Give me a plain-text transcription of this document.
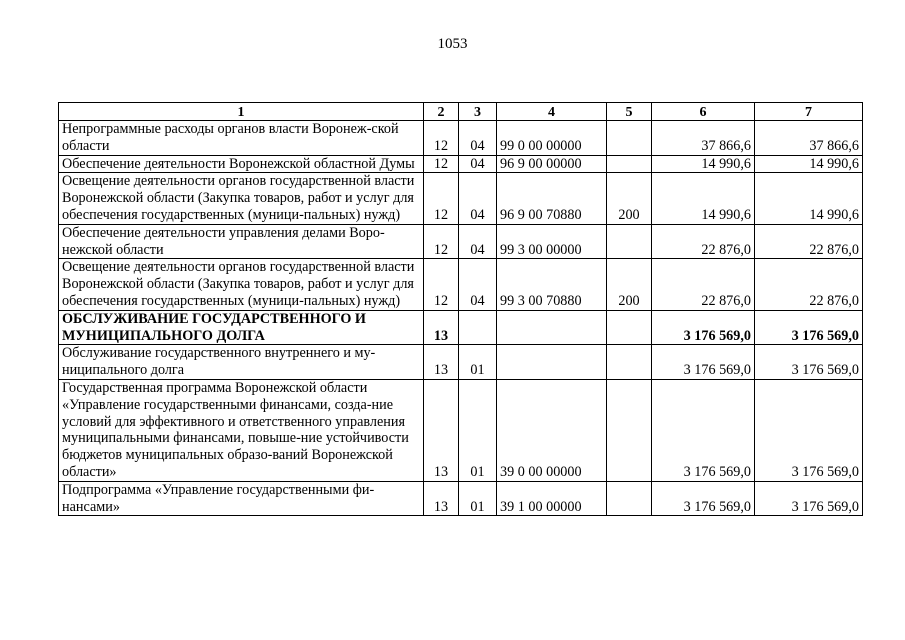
1053
1	2	3	4	5	6	7
Непрограммные расходы органов власти Воронеж-ской области	12	04	99 0 00 00000		37 866,6	37 866,6
Обеспечение деятельности Воронежской областной Думы	12	04	96 9 00 00000		14 990,6	14 990,6
Освещение деятельности органов государственной власти Воронежской области (Закупка товаров, работ и услуг для обеспечения государственных (муници-пальных) нужд)	12	04	96 9 00 70880	200	14 990,6	14 990,6
Обеспечение деятельности управления делами Воро-нежской области	12	04	99 3 00 00000		22 876,0	22 876,0
Освещение деятельности органов государственной власти Воронежской области (Закупка товаров, работ и услуг для обеспечения государственных (муници-пальных) нужд)	12	04	99 3 00 70880	200	22 876,0	22 876,0
ОБСЛУЖИВАНИЕ ГОСУДАРСТВЕННОГО И МУНИЦИПАЛЬНОГО ДОЛГА	13				3 176 569,0	3 176 569,0
Обслуживание государственного внутреннего и му-ниципального долга	13	01			3 176 569,0	3 176 569,0
Государственная программа Воронежской области «Управление государственными финансами, созда-ние условий для эффективного и ответственного управления муниципальными финансами, повыше-ние устойчивости бюджетов муниципальных образо-ваний Воронежской области»	13	01	39 0 00 00000		3 176 569,0	3 176 569,0
Подпрограмма «Управление государственными фи-нансами»	13	01	39 1 00 00000		3 176 569,0	3 176 569,0
